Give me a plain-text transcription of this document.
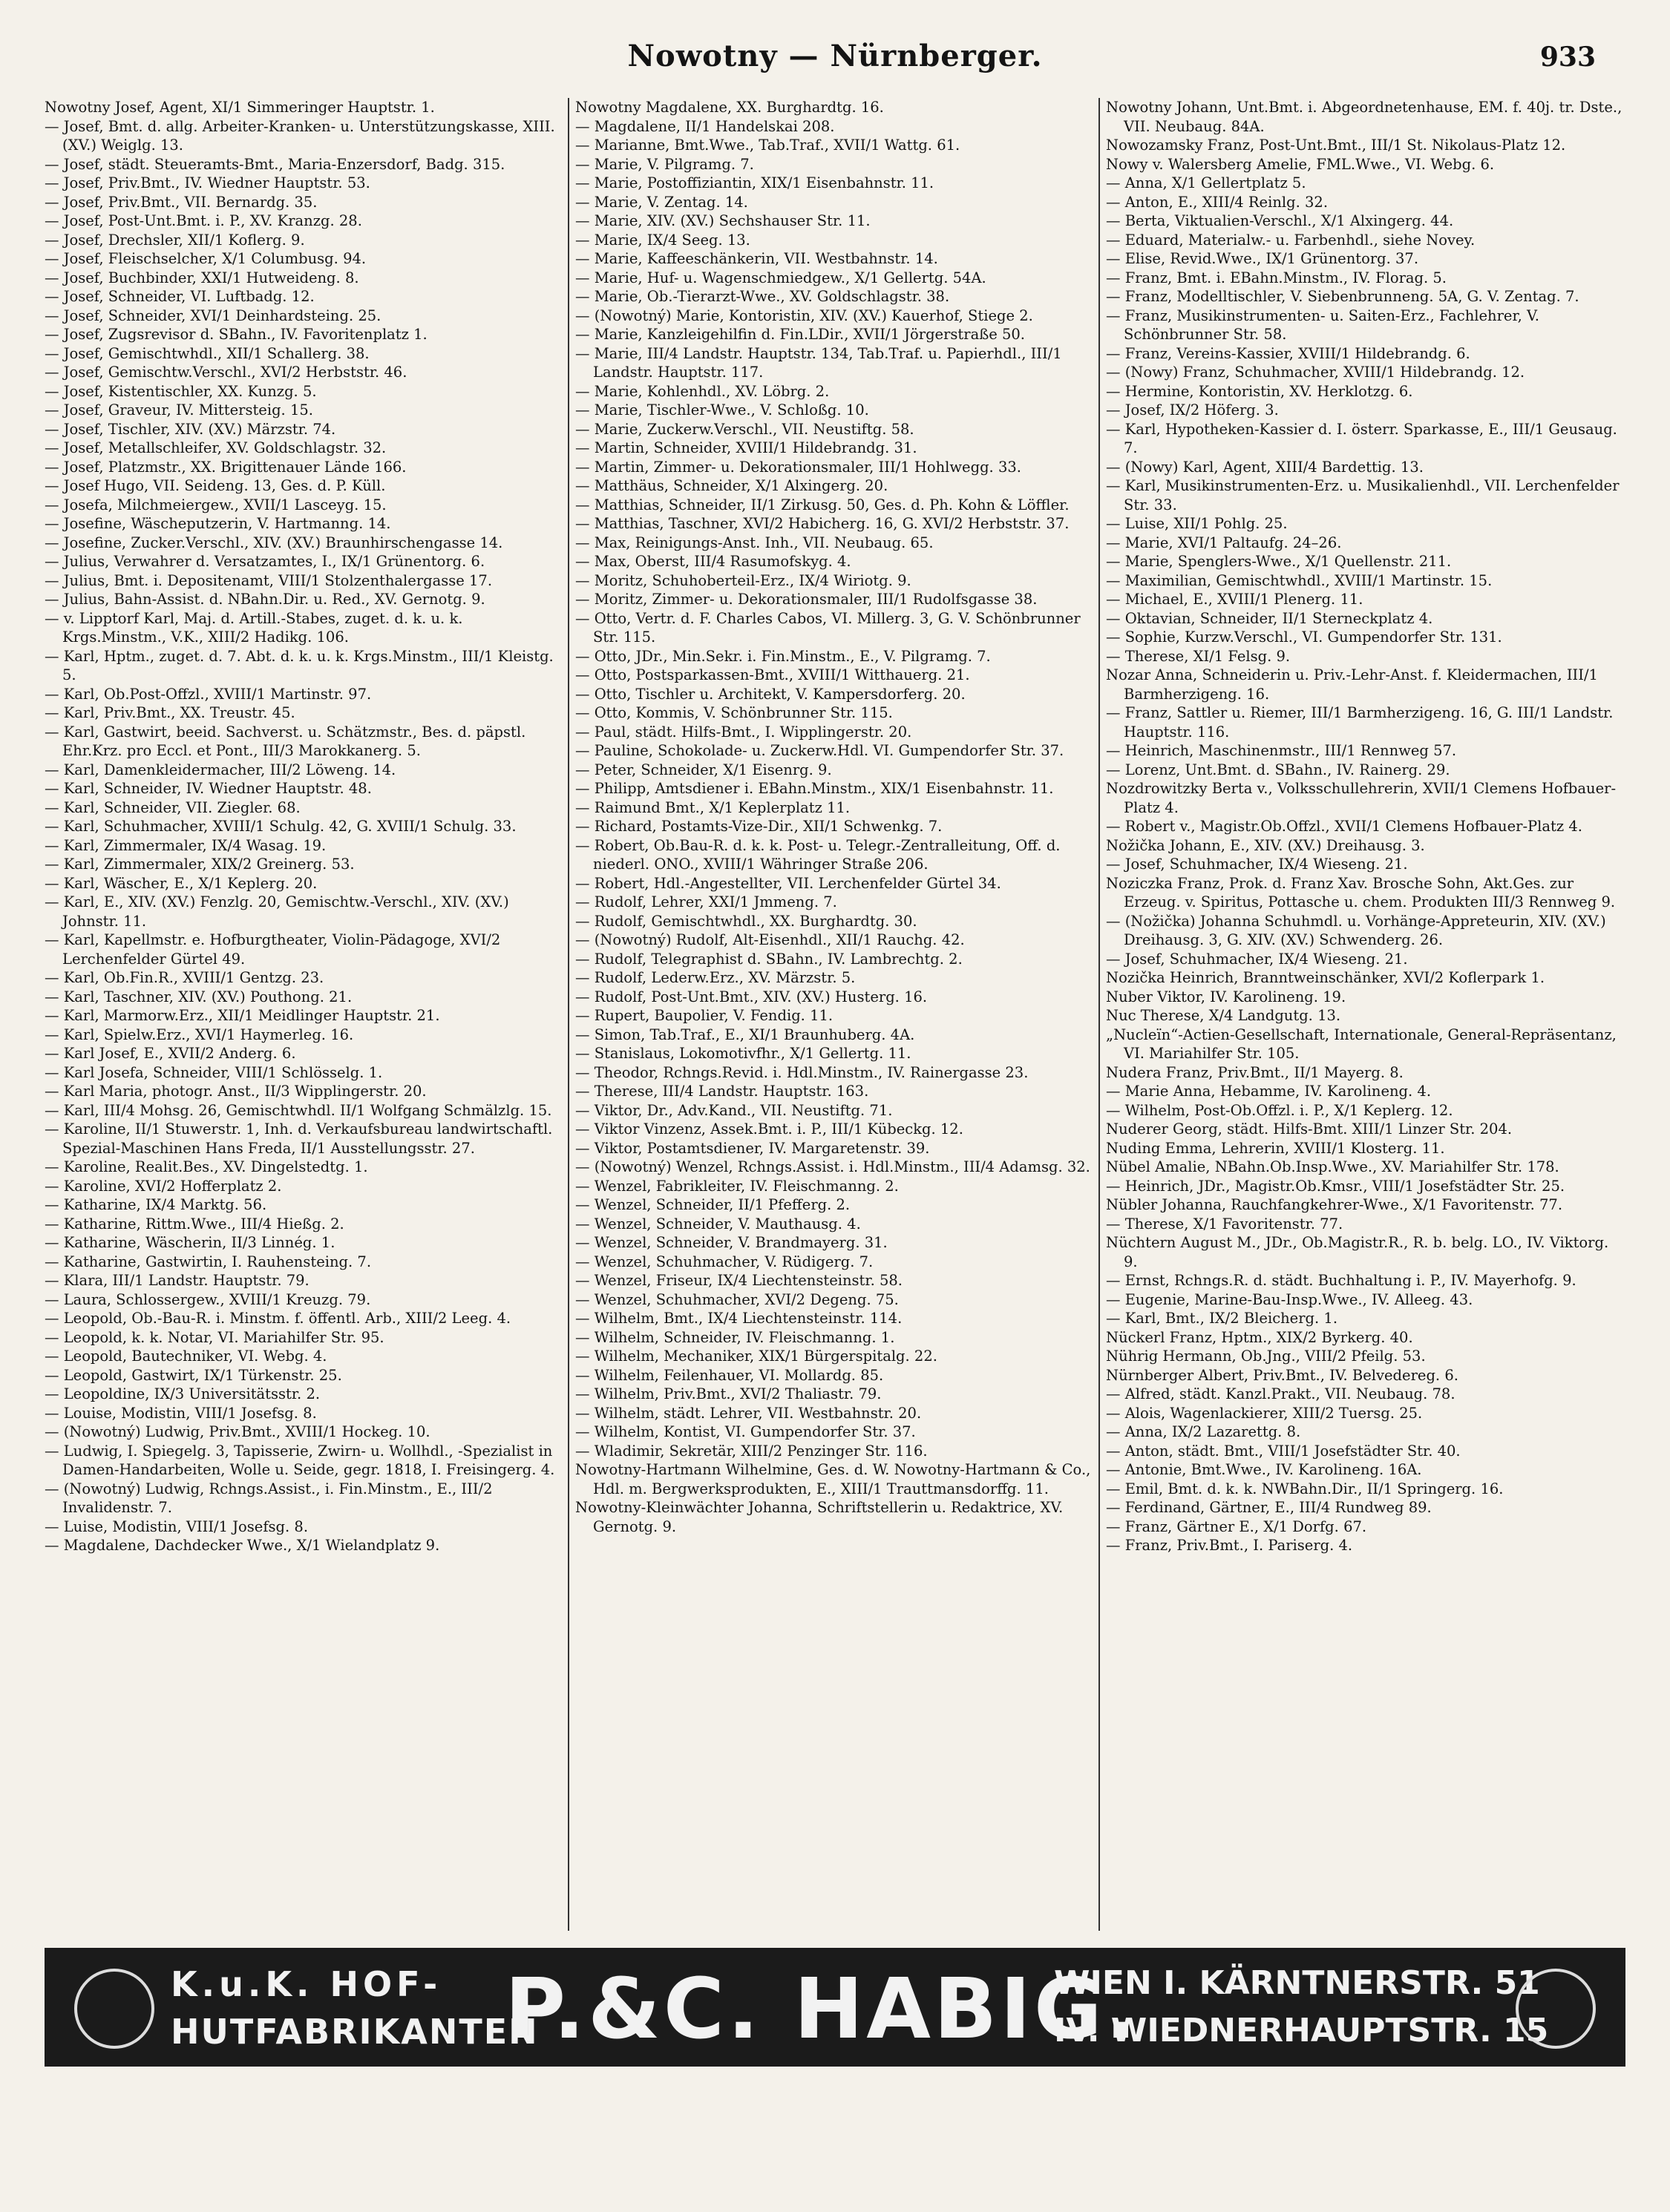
Nowotny — Nürnberger.	933

Nowotny Josef, Agent, XI/1 Simmeringer Hauptstr. 1.

— Josef, Bmt. d. allg. Arbeiter-Kranken- u. Unterstützungskasse, XIII. (XV.) Weiglg. 13.

— Josef, städt. Steueramts-Bmt., Maria-Enzersdorf, Badg. 315.

— Josef, Priv.Bmt., IV. Wiedner Hauptstr. 53.

— Josef, Priv.Bmt., VII. Bernardg. 35.

— Josef, Post-Unt.Bmt. i. P., XV. Kranzg. 28.

— Josef, Drechsler, XII/1 Koflerg. 9.

— Josef, Fleischselcher, X/1 Columbusg. 94.

— Josef, Buchbinder, XXI/1 Hutweideng. 8.

— Josef, Schneider, VI. Luftbadg. 12.

— Josef, Schneider, XVI/1 Deinhardsteing. 25.

— Josef, Zugsrevisor d. SBahn., IV. Favoritenplatz 1.

— Josef, Gemischtwhdl., XII/1 Schallerg. 38.

— Josef, Gemischtw.Verschl., XVI/2 Herbststr. 46.

— Josef, Kistentischler, XX. Kunzg. 5.

— Josef, Graveur, IV. Mittersteig. 15.

— Josef, Tischler, XIV. (XV.) Märzstr. 74.

— Josef, Metallschleifer, XV. Goldschlagstr. 32.

— Josef, Platzmstr., XX. Brigittenauer Lände 166.

— Josef Hugo, VII. Seideng. 13, Ges. d. P. Küll.

— Josefa, Milchmeiergew., XVII/1 Lasceyg. 15.

— Josefine, Wäscheputzerin, V. Hartmanng. 14.

— Josefine, Zucker.Verschl., XIV. (XV.) Braunhirschengasse 14.

— Julius, Verwahrer d. Versatzamtes, I., IX/1 Grünentorg. 6.

— Julius, Bmt. i. Depositenamt, VIII/1 Stolzenthalergasse 17.

— Julius, Bahn-Assist. d. NBahn.Dir. u. Red., XV. Gernotg. 9.

— v. Lipptorf Karl, Maj. d. Artill.-Stabes, zuget. d. k. u. k. Krgs.Minstm., V.K., XIII/2 Hadikg. 106.

— Karl, Hptm., zuget. d. 7. Abt. d. k. u. k. Krgs.Minstm., III/1 Kleistg. 5.

— Karl, Ob.Post-Offzl., XVIII/1 Martinstr. 97.

— Karl, Priv.Bmt., XX. Treustr. 45.

— Karl, Gastwirt, beeid. Sachverst. u. Schätzmstr., Bes. d. päpstl. Ehr.Krz. pro Eccl. et Pont., III/3 Marokkanerg. 5.

— Karl, Damenkleidermacher, III/2 Löweng. 14.

— Karl, Schneider, IV. Wiedner Hauptstr. 48.

— Karl, Schneider, VII. Ziegler. 68.

— Karl, Schuhmacher, XVIII/1 Schulg. 42, G. XVIII/1 Schulg. 33.

— Karl, Zimmermaler, IX/4 Wasag. 19.

— Karl, Zimmermaler, XIX/2 Greinerg. 53.

— Karl, Wäscher, E., X/1 Keplerg. 20.

— Karl, E., XIV. (XV.) Fenzlg. 20, Gemischtw.-Verschl., XIV. (XV.) Johnstr. 11.

— Karl, Kapellmstr. e. Hofburgtheater, Violin-Pädagoge, XVI/2 Lerchenfelder Gürtel 49.

— Karl, Ob.Fin.R., XVIII/1 Gentzg. 23.

— Karl, Taschner, XIV. (XV.) Pouthong. 21.

— Karl, Marmorw.Erz., XII/1 Meidlinger Hauptstr. 21.

— Karl, Spielw.Erz., XVI/1 Haymerleg. 16.

— Karl Josef, E., XVII/2 Anderg. 6.

— Karl Josefa, Schneider, VIII/1 Schlösselg. 1.

— Karl Maria, photogr. Anst., II/3 Wipplingerstr. 20.

— Karl, III/4 Mohsg. 26, Gemischtwhdl. II/1 Wolfgang Schmälzlg. 15.

— Karoline, II/1 Stuwerstr. 1, Inh. d. Verkaufsbureau landwirtschaftl. Spezial-Maschinen Hans Freda, II/1 Ausstellungsstr. 27.

— Karoline, Realit.Bes., XV. Dingelstedtg. 1.

— Karoline, XVI/2 Hofferplatz 2.

— Katharine, IX/4 Marktg. 56.

— Katharine, Rittm.Wwe., III/4 Hießg. 2.

— Katharine, Wäscherin, II/3 Linnég. 1.

— Katharine, Gastwirtin, I. Rauhensteing. 7.

— Klara, III/1 Landstr. Hauptstr. 79.

— Laura, Schlossergew., XVIII/1 Kreuzg. 79.

— Leopold, Ob.-Bau-R. i. Minstm. f. öffentl. Arb., XIII/2 Leeg. 4.

— Leopold, k. k. Notar, VI. Mariahilfer Str. 95.

— Leopold, Bautechniker, VI. Webg. 4.

— Leopold, Gastwirt, IX/1 Türkenstr. 25.

— Leopoldine, IX/3 Universitätsstr. 2.

— Louise, Modistin, VIII/1 Josefsg. 8.

— (Nowotný) Ludwig, Priv.Bmt., XVIII/1 Hockeg. 10.

— Ludwig, I. Spiegelg. 3, Tapisserie, Zwirn- u. Wollhdl., -Spezialist in Damen-Handarbeiten, Wolle u. Seide, gegr. 1818, I. Freisingerg. 4.

— (Nowotný) Ludwig, Rchngs.Assist., i. Fin.Minstm., E., III/2 Invalidenstr. 7.

— Luise, Modistin, VIII/1 Josefsg. 8.

— Magdalene, Dachdecker Wwe., X/1 Wielandplatz 9.

Nowotny Magdalene, XX. Burghardtg. 16.

— Magdalene, II/1 Handelskai 208.

— Marianne, Bmt.Wwe., Tab.Traf., XVII/1 Wattg. 61.

— Marie, V. Pilgramg. 7.

— Marie, Postoffiziantin, XIX/1 Eisenbahnstr. 11.

— Marie, V. Zentag. 14.

— Marie, XIV. (XV.) Sechshauser Str. 11.

— Marie, IX/4 Seeg. 13.

— Marie, Kaffeeschänkerin, VII. Westbahnstr. 14.

— Marie, Huf- u. Wagenschmiedgew., X/1 Gellertg. 54A.

— Marie, Ob.-Tierarzt-Wwe., XV. Goldschlagstr. 38.

— (Nowotný) Marie, Kontoristin, XIV. (XV.) Kauerhof, Stiege 2.

— Marie, Kanzleigehilfin d. Fin.LDir., XVII/1 Jörgerstraße 50.

— Marie, III/4 Landstr. Hauptstr. 134, Tab.Traf. u. Papierhdl., III/1 Landstr. Hauptstr. 117.

— Marie, Kohlenhdl., XV. Löbrg. 2.

— Marie, Tischler-Wwe., V. Schloßg. 10.

— Marie, Zuckerw.Verschl., VII. Neustiftg. 58.

— Martin, Schneider, XVIII/1 Hildebrandg. 31.

— Martin, Zimmer- u. Dekorationsmaler, III/1 Hohlwegg. 33.

— Matthäus, Schneider, X/1 Alxingerg. 20.

— Matthias, Schneider, II/1 Zirkusg. 50, Ges. d. Ph. Kohn & Löffler.

— Matthias, Taschner, XVI/2 Habicherg. 16, G. XVI/2 Herbststr. 37.

— Max, Reinigungs-Anst. Inh., VII. Neubaug. 65.

— Max, Oberst, III/4 Rasumofskyg. 4.

— Moritz, Schuhoberteil-Erz., IX/4 Wiriotg. 9.

— Moritz, Zimmer- u. Dekorationsmaler, III/1 Rudolfsgasse 38.

— Otto, Vertr. d. F. Charles Cabos, VI. Millerg. 3, G. V. Schönbrunner Str. 115.

— Otto, JDr., Min.Sekr. i. Fin.Minstm., E., V. Pilgramg. 7.

— Otto, Postsparkassen-Bmt., XVIII/1 Witthauerg. 21.

— Otto, Tischler u. Architekt, V. Kampersdorferg. 20.

— Otto, Kommis, V. Schönbrunner Str. 115.

— Paul, städt. Hilfs-Bmt., I. Wipplingerstr. 20.

— Pauline, Schokolade- u. Zuckerw.Hdl. VI. Gumpendorfer Str. 37.

— Peter, Schneider, X/1 Eisenrg. 9.

— Philipp, Amtsdiener i. EBahn.Minstm., XIX/1 Eisenbahnstr. 11.

— Raimund Bmt., X/1 Keplerplatz 11.

— Richard, Postamts-Vize-Dir., XII/1 Schwenkg. 7.

— Robert, Ob.Bau-R. d. k. k. Post- u. Telegr.-Zentralleitung, Off. d. niederl. ONO., XVIII/1 Währinger Straße 206.

— Robert, Hdl.-Angestellter, VII. Lerchenfelder Gürtel 34.

— Rudolf, Lehrer, XXI/1 Jmmeng. 7.

— Rudolf, Gemischtwhdl., XX. Burghardtg. 30.

— (Nowotný) Rudolf, Alt-Eisenhdl., XII/1 Rauchg. 42.

— Rudolf, Telegraphist d. SBahn., IV. Lambrechtg. 2.

— Rudolf, Lederw.Erz., XV. Märzstr. 5.

— Rudolf, Post-Unt.Bmt., XIV. (XV.) Husterg. 16.

— Rupert, Baupolier, V. Fendig. 11.

— Simon, Tab.Traf., E., XI/1 Braunhuberg. 4A.

— Stanislaus, Lokomotivfhr., X/1 Gellertg. 11.

— Theodor, Rchngs.Revid. i. Hdl.Minstm., IV. Rainergasse 23.

— Therese, III/4 Landstr. Hauptstr. 163.

— Viktor, Dr., Adv.Kand., VII. Neustiftg. 71.

— Viktor Vinzenz, Assek.Bmt. i. P., III/1 Kübeckg. 12.

— Viktor, Postamtsdiener, IV. Margaretenstr. 39.

— (Nowotný) Wenzel, Rchngs.Assist. i. Hdl.Minstm., III/4 Adamsg. 32.

— Wenzel, Fabrikleiter, IV. Fleischmanng. 2.

— Wenzel, Schneider, II/1 Pfefferg. 2.

— Wenzel, Schneider, V. Mauthausg. 4.

— Wenzel, Schneider, V. Brandmayerg. 31.

— Wenzel, Schuhmacher, V. Rüdigerg. 7.

— Wenzel, Friseur, IX/4 Liechtensteinstr. 58.

— Wenzel, Schuhmacher, XVI/2 Degeng. 75.

— Wilhelm, Bmt., IX/4 Liechtensteinstr. 114.

— Wilhelm, Schneider, IV. Fleischmanng. 1.

— Wilhelm, Mechaniker, XIX/1 Bürgerspitalg. 22.

— Wilhelm, Feilenhauer, VI. Mollardg. 85.

— Wilhelm, Priv.Bmt., XVI/2 Thaliastr. 79.

— Wilhelm, städt. Lehrer, VII. Westbahnstr. 20.

— Wilhelm, Kontist, VI. Gumpendorfer Str. 37.

— Wladimir, Sekretär, XIII/2 Penzinger Str. 116.

Nowotny-Hartmann Wilhelmine, Ges. d. W. Nowotny-Hartmann & Co., Hdl. m. Bergwerksprodukten, E., XIII/1 Trauttmansdorffg. 11.

Nowotny-Kleinwächter Johanna, Schriftstellerin u. Redaktrice, XV. Gernotg. 9.

Nowotny Johann, Unt.Bmt. i. Abgeordnetenhause, EM. f. 40j. tr. Dste., VII. Neubaug. 84A.

Nowozamsky Franz, Post-Unt.Bmt., III/1 St. Nikolaus-Platz 12.

Nowy v. Walersberg Amelie, FML.Wwe., VI. Webg. 6.

— Anna, X/1 Gellertplatz 5.

— Anton, E., XIII/4 Reinlg. 32.

— Berta, Viktualien-Verschl., X/1 Alxingerg. 44.

— Eduard, Materialw.- u. Farbenhdl., siehe Novey.

— Elise, Revid.Wwe., IX/1 Grünentorg. 37.

— Franz, Bmt. i. EBahn.Minstm., IV. Florag. 5.

— Franz, Modelltischler, V. Siebenbrunneng. 5A, G. V. Zentag. 7.

— Franz, Musikinstrumenten- u. Saiten-Erz., Fachlehrer, V. Schönbrunner Str. 58.

— Franz, Vereins-Kassier, XVIII/1 Hildebrandg. 6.

— (Nowy) Franz, Schuhmacher, XVIII/1 Hildebrandg. 12.

— Hermine, Kontoristin, XV. Herklotzg. 6.

— Josef, IX/2 Höferg. 3.

— Karl, Hypotheken-Kassier d. I. österr. Sparkasse, E., III/1 Geusaug. 7.

— (Nowy) Karl, Agent, XIII/4 Bardettig. 13.

— Karl, Musikinstrumenten-Erz. u. Musikalienhdl., VII. Lerchenfelder Str. 33.

— Luise, XII/1 Pohlg. 25.

— Marie, XVI/1 Paltaufg. 24–26.

— Marie, Spenglers-Wwe., X/1 Quellenstr. 211.

— Maximilian, Gemischtwhdl., XVIII/1 Martinstr. 15.

— Michael, E., XVIII/1 Plenerg. 11.

— Oktavian, Schneider, II/1 Sterneckplatz 4.

— Sophie, Kurzw.Verschl., VI. Gumpendorfer Str. 131.

— Therese, XI/1 Felsg. 9.

Nozar Anna, Schneiderin u. Priv.-Lehr-Anst. f. Kleidermachen, III/1 Barmherzigeng. 16.

— Franz, Sattler u. Riemer, III/1 Barmherzigeng. 16, G. III/1 Landstr. Hauptstr. 116.

— Heinrich, Maschinenmstr., III/1 Rennweg 57.

— Lorenz, Unt.Bmt. d. SBahn., IV. Rainerg. 29.

Nozdrowitzky Berta v., Volksschullehrerin, XVII/1 Clemens Hofbauer-Platz 4.

— Robert v., Magistr.Ob.Offzl., XVII/1 Clemens Hofbauer-Platz 4.

Nožička Johann, E., XIV. (XV.) Dreihausg. 3.

— Josef, Schuhmacher, IX/4 Wieseng. 21.

Noziczka Franz, Prok. d. Franz Xav. Brosche Sohn, Akt.Ges. zur Erzeug. v. Spiritus, Pottasche u. chem. Produkten III/3 Rennweg 9.

— (Nožička) Johanna Schuhmdl. u. Vorhänge-Appreteurin, XIV. (XV.) Dreihausg. 3, G. XIV. (XV.) Schwenderg. 26.

— Josef, Schuhmacher, IX/4 Wieseng. 21.

Nozička Heinrich, Branntweinschänker, XVI/2 Koflerpark 1.

Nuber Viktor, IV. Karolineng. 19.

Nuc Therese, X/4 Landgutg. 13.

„Nucleïn“-Actien-Gesellschaft, Internationale, General-Repräsentanz, VI. Mariahilfer Str. 105.

Nudera Franz, Priv.Bmt., II/1 Mayerg. 8.

— Marie Anna, Hebamme, IV. Karolineng. 4.

— Wilhelm, Post-Ob.Offzl. i. P., X/1 Keplerg. 12.

Nuderer Georg, städt. Hilfs-Bmt. XIII/1 Linzer Str. 204.

Nuding Emma, Lehrerin, XVIII/1 Klosterg. 11.

Nübel Amalie, NBahn.Ob.Insp.Wwe., XV. Mariahilfer Str. 178.

— Heinrich, JDr., Magistr.Ob.Kmsr., VIII/1 Josefstädter Str. 25.

Nübler Johanna, Rauchfangkehrer-Wwe., X/1 Favoritenstr. 77.

— Therese, X/1 Favoritenstr. 77.

Nüchtern August M., JDr., Ob.Magistr.R., R. b. belg. LO., IV. Viktorg. 9.

— Ernst, Rchngs.R. d. städt. Buchhaltung i. P., IV. Mayerhofg. 9.

— Eugenie, Marine-Bau-Insp.Wwe., IV. Alleeg. 43.

— Karl, Bmt., IX/2 Bleicherg. 1.

Nückerl Franz, Hptm., XIX/2 Byrkerg. 40.

Nührig Hermann, Ob.Jng., VIII/2 Pfeilg. 53.

Nürnberger Albert, Priv.Bmt., IV. Belvedereg. 6.

— Alfred, städt. Kanzl.Prakt., VII. Neubaug. 78.

— Alois, Wagenlackierer, XIII/2 Tuersg. 25.

— Anna, IX/2 Lazarettg. 8.

— Anton, städt. Bmt., VIII/1 Josefstädter Str. 40.

— Antonie, Bmt.Wwe., IV. Karolineng. 16A.

— Emil, Bmt. d. k. k. NWBahn.Dir., II/1 Springerg. 16.

— Ferdinand, Gärtner, E., III/4 Rundweg 89.

— Franz, Gärtner E., X/1 Dorfg. 67.

— Franz, Priv.Bmt., I. Pariserg. 4.

K.u.K. HOF-
HUTFABRIKANTEN
P.&C. HABIG.
WIEN I. KÄRNTNERSTR. 51
IV. WIEDNERHAUPTSTR. 15
